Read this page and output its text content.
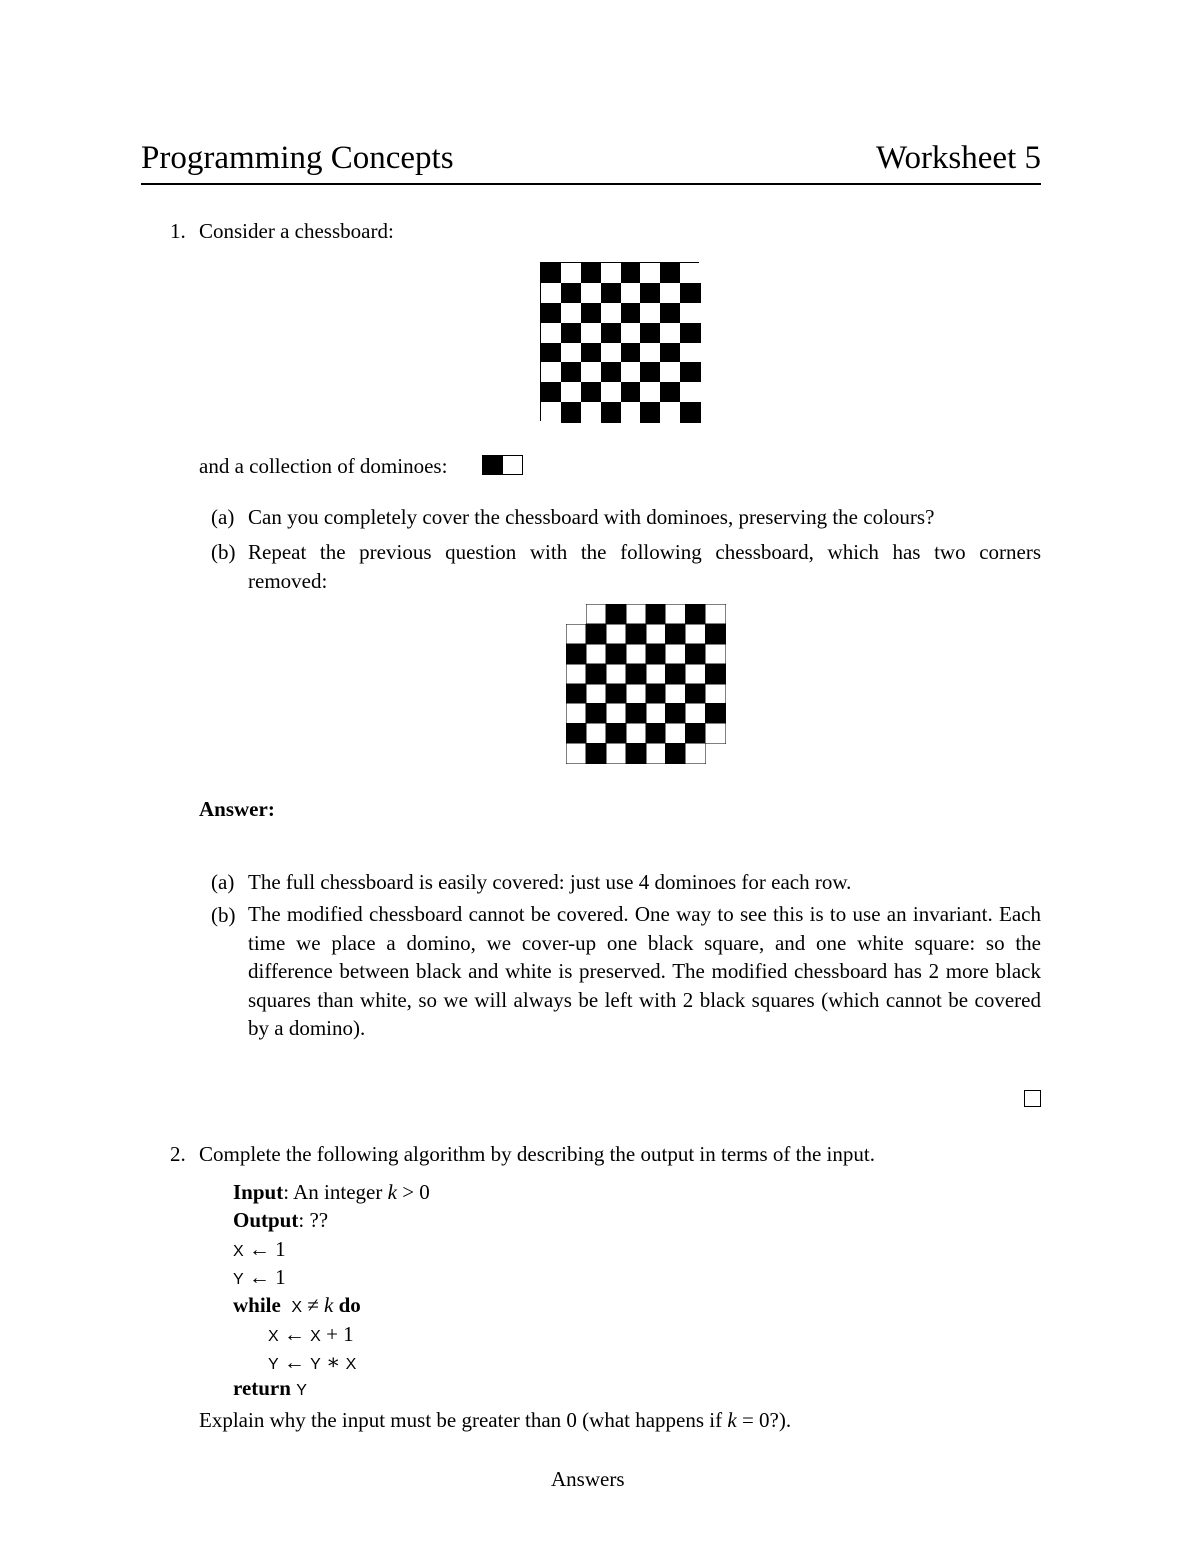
Programming Concepts	Worksheet 5
1. Consider a chessboard:
and a collection of dominoes:
(a) Can you completely cover the chessboard with dominoes, preserving the colours?
(b) Repeat the previous question with the following chessboard, which has two corners
removed:
Answer:
(a) The full chessboard is easily covered: just use 4 dominoes for each row.
(b) The modified chessboard cannot be covered. One way to see this is to use an invariant. Each time we place a domino, we cover-up one black square, and one white square: so the difference between black and white is preserved. The modified chessboard has 2 more black squares than white, so we will always be left with 2 black squares (which cannot be covered by a domino).
2. Complete the following algorithm by describing the output in terms of the input.
Input: An integer k > 0
Output: ??
X ← 1
Y ← 1
while X ≠ k do
X ← X + 1
Y ← Y ∗ X
return Y
Explain why the input must be greater than 0 (what happens if k = 0?).
Answers
